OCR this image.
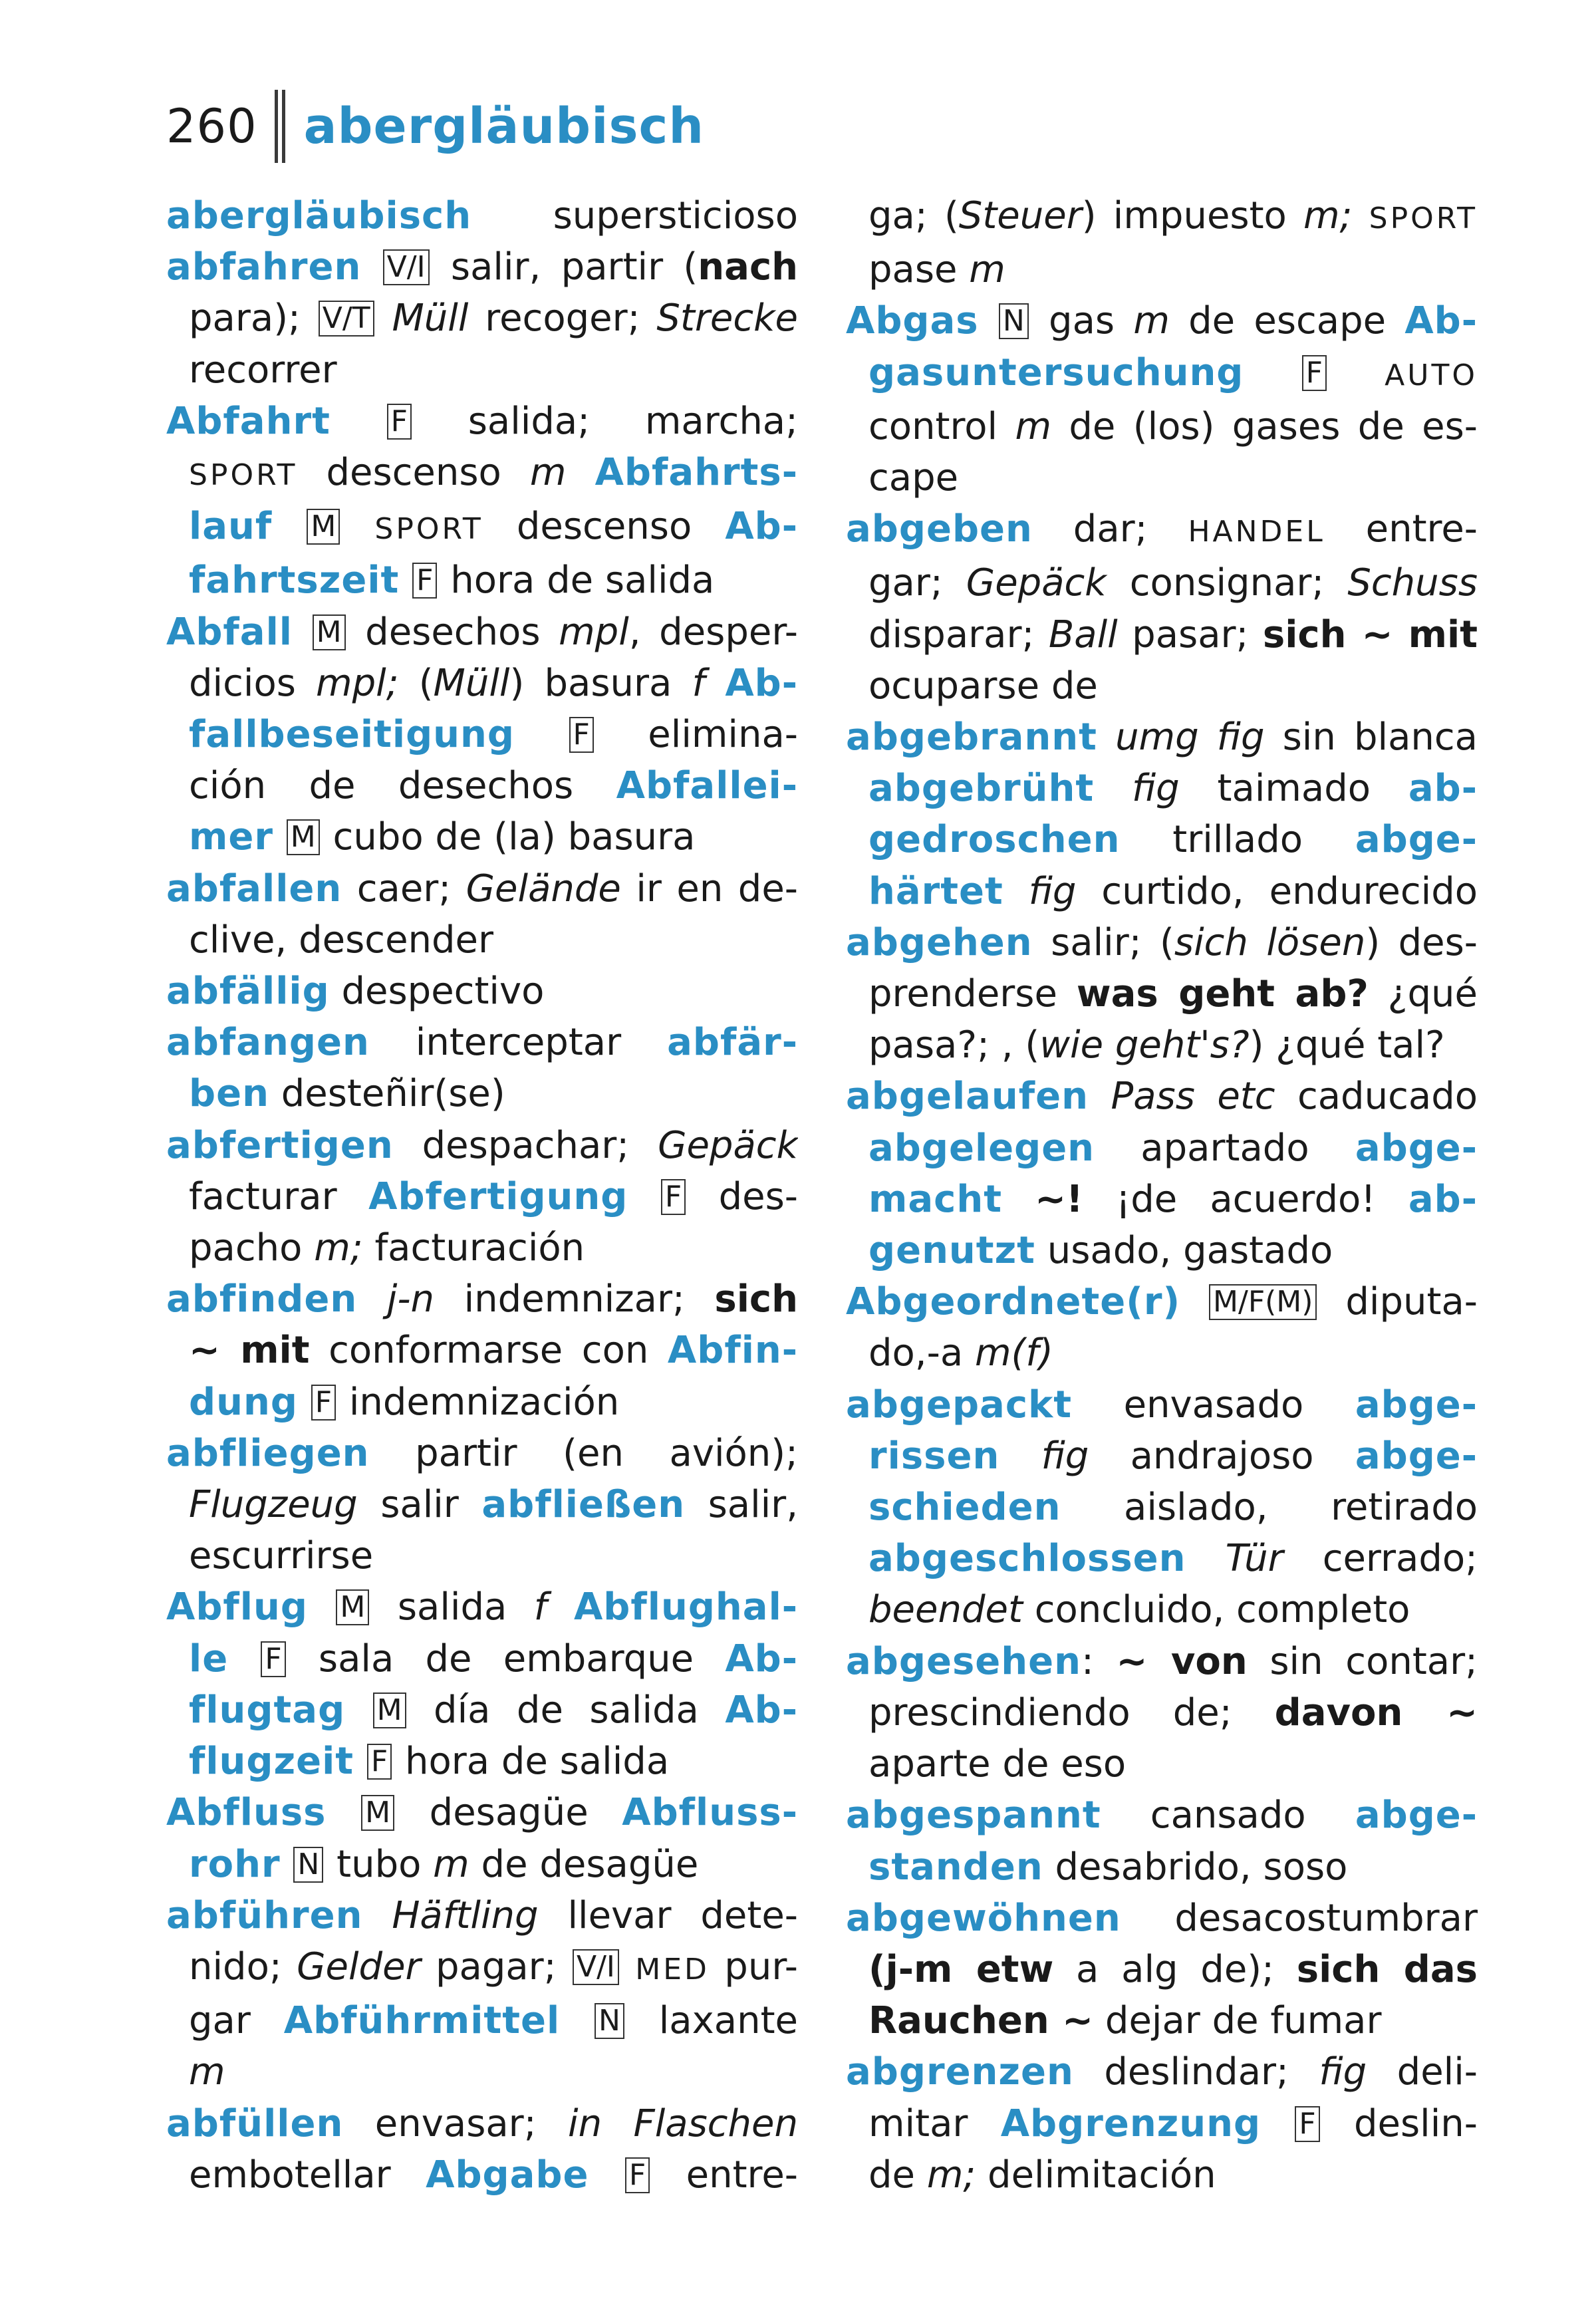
260 abergläubisch
abergläubisch supersticioso
abfahren V/I salir, partir (nach
para); V/T Müll recoger; Strecke
recorrer
Abfahrt F salida; marcha;
SPORT descenso m Abfahrts-
lauf M SPORT descenso Ab-
fahrtszeit F hora de salida
Abfall M desechos mpl, desper-
dicios mpl; (Müll) basura f Ab-
fallbeseitigung F elimina-
ción de desechos Abfallei-
mer M cubo de (la) basura
abfallen caer; Gelände ir en de-
clive, descender
abfällig despectivo
abfangen interceptar abfär-
ben desteñir(se)
abfertigen despachar; Gepäck
facturar Abfertigung F des-
pacho m; facturación
abfinden j-n indemnizar; sich
~ mit conformarse con Abfin-
dung F indemnización
abfliegen partir (en avión);
Flugzeug salir abfließen salir,
escurrirse
Abflug M salida f Abflughal-
le F sala de embarque Ab-
flugtag M día de salida Ab-
flugzeit F hora de salida
Abfluss M desagüe Abfluss-
rohr N tubo m de desagüe
abführen Häftling llevar dete-
nido; Gelder pagar; V/I MED pur-
gar Abführmittel N laxante
m
abfüllen envasar; in Flaschen
embotellar Abgabe F entre-
ga; (Steuer) impuesto m; SPORT
pase m
Abgas N gas m de escape Ab-
gasuntersuchung F AUTO
control m de (los) gases de es-
cape
abgeben dar; HANDEL entre-
gar; Gepäck consignar; Schuss
disparar; Ball pasar; sich ~ mit
ocuparse de
abgebrannt umg fig sin blanca
abgebrüht fig taimado ab-
gedroschen trillado abge-
härtet fig curtido, endurecido
abgehen salir; (sich lösen) des-
prenderse was geht ab? ¿qué
pasa?; , (wie geht's?) ¿qué tal?
abgelaufen Pass etc caducado
abgelegen apartado abge-
macht ~! ¡de acuerdo! ab-
genutzt usado, gastado
Abgeordnete(r) M/F(M) diputa-
do,-a m(f)
abgepackt envasado abge-
rissen fig andrajoso abge-
schieden aislado, retirado
abgeschlossen Tür cerrado;
beendet concluido, completo
abgesehen: ~ von sin contar;
prescindiendo de; davon ~
aparte de eso
abgespannt cansado abge-
standen desabrido, soso
abgewöhnen desacostumbrar
(j-m etw a alg de); sich das
Rauchen ~ dejar de fumar
abgrenzen deslindar; fig deli-
mitar Abgrenzung F deslin-
de m; delimitación
